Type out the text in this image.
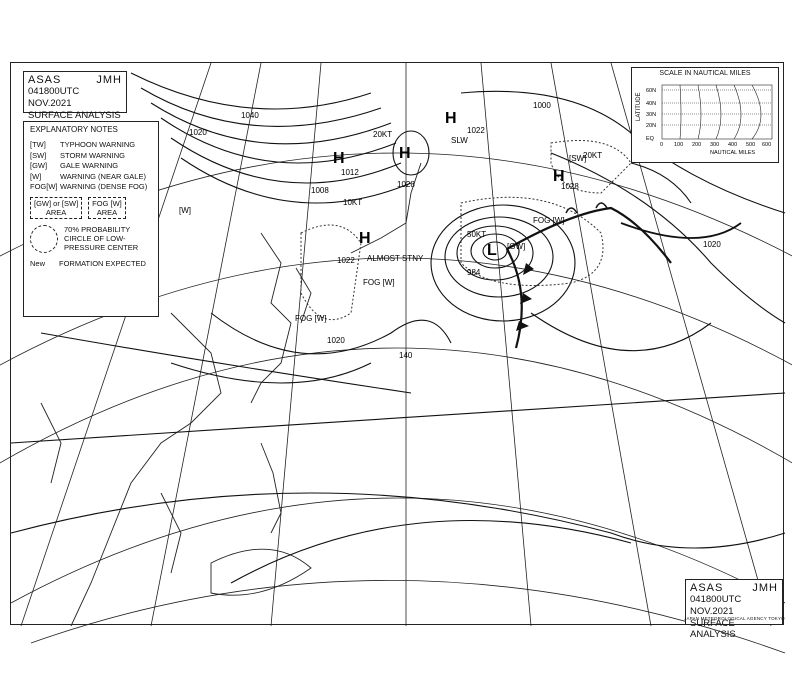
L
984
H
1028	H
1028
H
1022
H
1012
H
1022
1020
1020
1000
1008
1040
1020
[GW]
FOG [W]
FOG [W]
FOG [W]
[W]
[SW]
50KT
20KT
20KT
10KT
ALMOST STNY
SLW
140
ASAS	JMH
041800UTC NOV.2021
SURFACE ANALYSIS
EXPLANATORY NOTES
[TW]	TYPHOON WARNING
[SW]	STORM WARNING
[GW]	GALE WARNING
[W]	WARNING (NEAR GALE)
FOG[W] WARNING (DENSE FOG)
[GW] or [SW]
AREA
FOG [W]
AREA
70% PROBABILITY CIRCLE OF LOW-PRESSURE CENTER
New FORMATION EXPECTED
SCALE IN NAUTICAL MILES
LATITUDE
60N
40N
30N
20N
EQ
0 100 200 300 400 500 600
NAUTICAL MILES
ASAS	JMH
041800UTC NOV.2021
SURFACE ANALYSIS
JAPAN METEOROLOGICAL AGENCY TOKYO
